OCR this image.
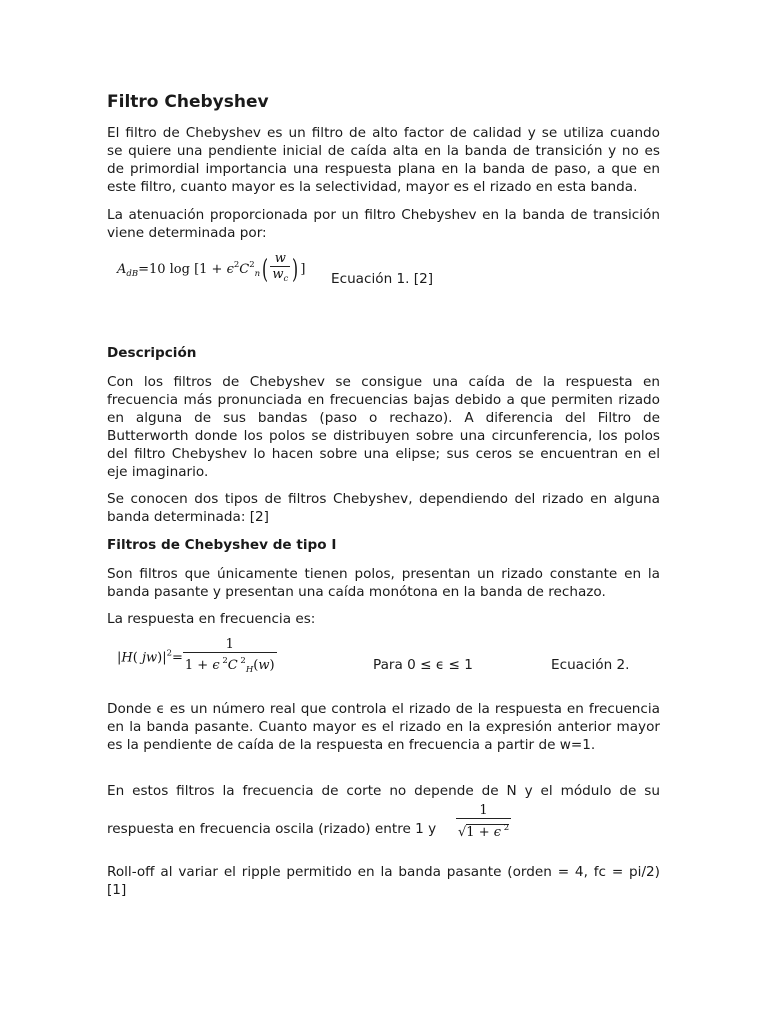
Filtro Chebyshev
El filtro de Chebyshev es un filtro de alto factor de calidad y se utiliza cuando
se quiere una pendiente inicial de caída alta en la banda de transición y no es
de primordial importancia una respuesta plana en la banda de paso, a que en
este filtro, cuanto mayor es la selectividad, mayor es el rizado en esta banda.
La atenuación proporcionada por un filtro Chebyshev en la banda de transición
viene determinada por:
$A_{dB}=10$ $\log [1 + \epsilon^2C^2_n( \frac{w}{w_c}$ ) ]
Ecuación 1. [2]
Descripción
Con los filtros de Chebyshev se consigue una caída de la respuesta en
frecuencia más pronunciada en frecuencias bajas debido a que permiten rizado
en alguna de sus bandas (paso o rechazo). A diferencia del Filtro de
Butterworth donde los polos se distribuyen sobre una circunferencia, los polos
del filtro Chebyshev lo hacen sobre una elipse; sus ceros se encuentran en el
eje imaginario.
Se conocen dos tipos de filtros Chebyshev, dependiendo del rizado en alguna
banda determinada: [2]
Filtros de Chebyshev de tipo I
Son filtros que únicamente tienen polos, presentan un rizado constante en la
banda pasante y presentan una caída monótona en la banda de rechazo.
La respuesta en frecuencia es:
|H( $jw)|^2= \frac{1}{1 + \epsilon ^2C ^2_H(w)}$	Para 0 ≤ ϵ ≤ 1	Ecuación 2.
Donde ϵ es un número real que controla el rizado de la respuesta en frecuencia
en la banda pasante. Cuanto mayor es el rizado en la expresión anterior mayor
es la pendiente de caída de la respuesta en frecuencia a partir de w=1.
En estos filtros la frecuencia de corte no depende de N y el módulo de su
respuesta en frecuencia oscila (rizado) entre 1 y $\frac{1}{√1 + \epsilon ^2}$
Roll-off al variar el ripple permitido en la banda pasante (orden = 4, fc = pi/2)
[1]
